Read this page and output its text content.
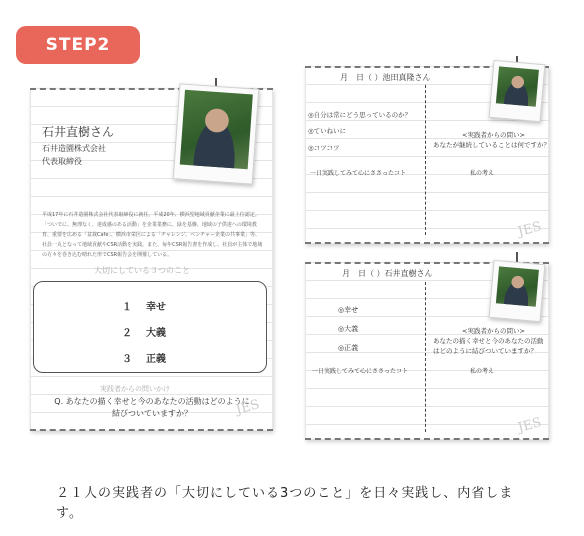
STEP2
石井直樹さん
石井造園株式会社
代表取締役
平成17年に石井造園株式会社代表取締役に就任。平成20年、横浜型地域貢献企業に最上位認定。「ついでに、無理なく、達成感のある活動」を企業業務に、緑を基盤、地域の子供達への環境教育、重要を広める「盆栽Cafe」、横浜市栄区による「チャレンジ、ベンチャー企業の共事業」等、社員一丸となって地域貢献やCSR活動を実践。また、毎年CSR報告書を作成し、社員が主体で地域の方々を巻き込む晴れた形でCSR報告会を開催している。
大切にしている３つのこと
１ 幸せ
２ 大義
３ 正義
実践者からの問いかけ
Q. あなたの描く幸せと今のあなたの活動はどのように結びついていますか？	JES
月　日（ ）池田真隆さん
◎自分は常にどう思っているのか？
◎ていねいに
◎コツコツ
<実践者からの問い>
あなたが継続していることは何ですか？
一日実践してみて心にささったコト	私の考え
JES
月　日（ ）石井直樹さん
◎幸せ
◎大義
◎正義
<実践者からの問い>
あなたの描く幸せと今のあなたの活動はどのように結びついていますか？
一日実践してみて心にささったコト	私の考え
JES
２１人の実践者の「大切にしている3つのこと」を日々実践し、内省します。
